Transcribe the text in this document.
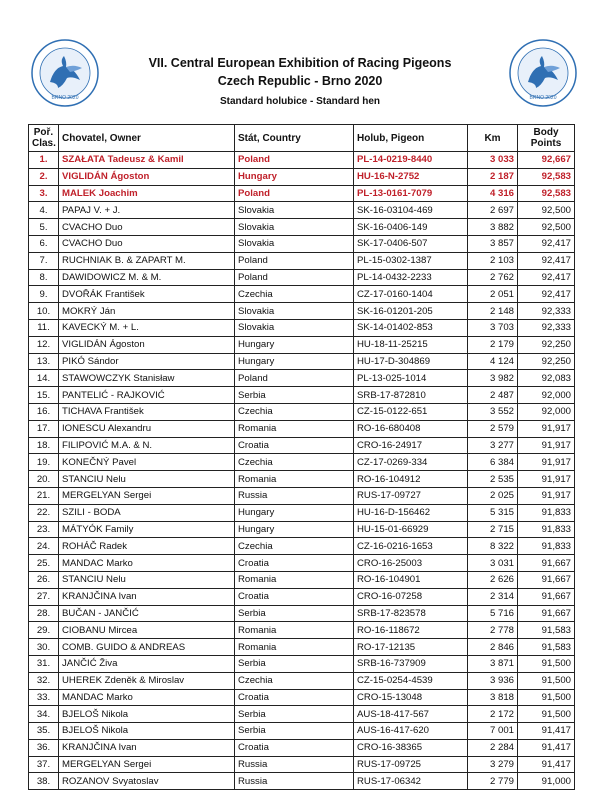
BRNO 2020	BRNO 2020
VII. Central European Exhibition of Racing Pigeons
Czech Republic - Brno 2020
Standard holubice - Standard hen
Poř.
Clas.	Chovatel, Owner	Stát, Country	Holub, Pigeon	Km	Body
Points
1.	SZAŁATA Tadeusz & Kamil	Poland	PL-14-0219-8440	3 033	92,667
2.	VIGLIDÁN Ágoston	Hungary	HU-16-N-2752	2 187	92,583
3.	MALEK Joachim	Poland	PL-13-0161-7079	4 316	92,583
4.	PAPAJ V. + J.	Slovakia	SK-16-03104-469	2 697	92,500
5.	CVACHO Duo	Slovakia	SK-16-0406-149	3 882	92,500
6.	CVACHO Duo	Slovakia	SK-17-0406-507	3 857	92,417
7.	RUCHNIAK B. & ZAPART M.	Poland	PL-15-0302-1387	2 103	92,417
8.	DAWIDOWICZ M. & M.	Poland	PL-14-0432-2233	2 762	92,417
9.	DVOŘÁK František	Czechia	CZ-17-0160-1404	2 051	92,417
10.	MOKRÝ Ján	Slovakia	SK-16-01201-205	2 148	92,333
11.	KAVECKÝ M. + L.	Slovakia	SK-14-01402-853	3 703	92,333
12.	VIGLIDÁN Ágoston	Hungary	HU-18-11-25215	2 179	92,250
13.	PIKÓ Sándor	Hungary	HU-17-D-304869	4 124	92,250
14.	STAWOWCZYK Stanisław	Poland	PL-13-025-1014	3 982	92,083
15.	PANTELIĆ - RAJKOVIĆ	Serbia	SRB-17-872810	2 487	92,000
16.	TICHAVA František	Czechia	CZ-15-0122-651	3 552	92,000
17.	IONESCU Alexandru	Romania	RO-16-680408	2 579	91,917
18.	FILIPOVIĆ M.A. & N.	Croatia	CRO-16-24917	3 277	91,917
19.	KONEČNÝ Pavel	Czechia	CZ-17-0269-334	6 384	91,917
20.	STANCIU Nelu	Romania	RO-16-104912	2 535	91,917
21.	MERGELYAN Sergei	Russia	RUS-17-09727	2 025	91,917
22.	SZILI - BODA	Hungary	HU-16-D-156462	5 315	91,833
23.	MÁTYÓK Family	Hungary	HU-15-01-66929	2 715	91,833
24.	ROHÁČ Radek	Czechia	CZ-16-0216-1653	8 322	91,833
25.	MANDAC Marko	Croatia	CRO-16-25003	3 031	91,667
26.	STANCIU Nelu	Romania	RO-16-104901	2 626	91,667
27.	KRANJČINA Ivan	Croatia	CRO-16-07258	2 314	91,667
28.	BUČAN - JANČIĆ	Serbia	SRB-17-823578	5 716	91,667
29.	CIOBANU Mircea	Romania	RO-16-118672	2 778	91,583
30.	COMB. GUIDO & ANDREAS	Romania	RO-17-12135	2 846	91,583
31.	JANČIĆ Živa	Serbia	SRB-16-737909	3 871	91,500
32.	UHEREK Zdeněk & Miroslav	Czechia	CZ-15-0254-4539	3 936	91,500
33.	MANDAC Marko	Croatia	CRO-15-13048	3 818	91,500
34.	BJELOŠ Nikola	Serbia	AUS-18-417-567	2 172	91,500
35.	BJELOŠ Nikola	Serbia	AUS-16-417-620	7 001	91,417
36.	KRANJČINA Ivan	Croatia	CRO-16-38365	2 284	91,417
37.	MERGELYAN Sergei	Russia	RUS-17-09725	3 279	91,417
38.	ROZANOV Svyatoslav	Russia	RUS-17-06342	2 779	91,000
